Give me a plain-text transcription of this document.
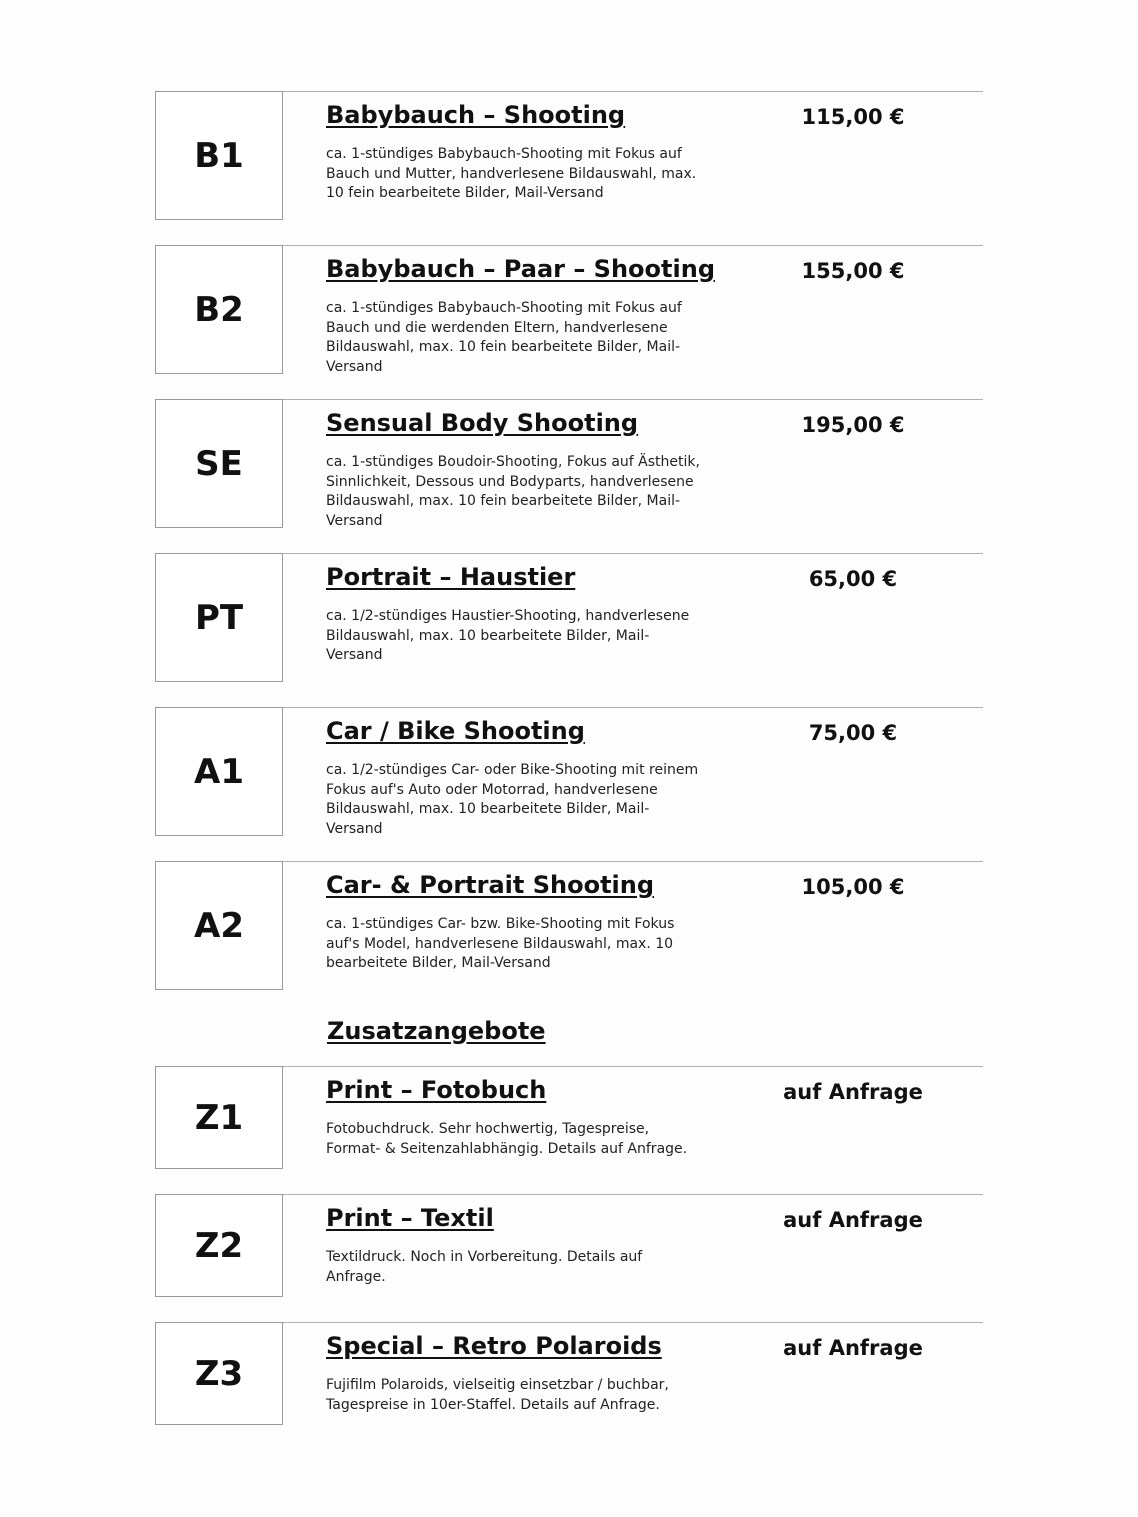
B1
Babybauch – Shooting
ca. 1-stündiges Babybauch-Shooting mit Fokus auf Bauch und Mutter, handverlesene Bildauswahl, max. 10 fein bearbeitete Bilder, Mail-Versand
115,00 €
B2
Babybauch – Paar – Shooting
ca. 1-stündiges Babybauch-Shooting mit Fokus auf Bauch und die werdenden Eltern, handverlesene Bildauswahl, max. 10 fein bearbeitete Bilder, Mail-Versand
155,00 €
SE
Sensual Body Shooting
ca. 1-stündiges Boudoir-Shooting, Fokus auf Ästhetik, Sinnlichkeit, Dessous und Bodyparts, handverlesene Bildauswahl, max. 10 fein bearbeitete Bilder, Mail-Versand
195,00 €
PT
Portrait – Haustier
ca. 1/2-stündiges Haustier-Shooting, handverlesene Bildauswahl, max. 10 bearbeitete Bilder, Mail-Versand
65,00 €
A1
Car / Bike Shooting
ca. 1/2-stündiges Car- oder Bike-Shooting mit reinem Fokus auf's Auto oder Motorrad, handverlesene Bildauswahl, max. 10 bearbeitete Bilder, Mail-Versand
75,00 €
A2
Car- & Portrait Shooting
ca. 1-stündiges Car- bzw. Bike-Shooting mit Fokus auf's Model, handverlesene Bildauswahl, max. 10 bearbeitete Bilder, Mail-Versand
105,00 €
Zusatzangebote
Z1
Print – Fotobuch
Fotobuchdruck. Sehr hochwertig, Tagespreise, Format- & Seitenzahlabhängig. Details auf Anfrage.
auf Anfrage
Z2
Print – Textil
Textildruck. Noch in Vorbereitung. Details auf Anfrage.
auf Anfrage
Z3
Special – Retro Polaroids
Fujifilm Polaroids, vielseitig einsetzbar / buchbar, Tagespreise in 10er-Staffel. Details auf Anfrage.
auf Anfrage
